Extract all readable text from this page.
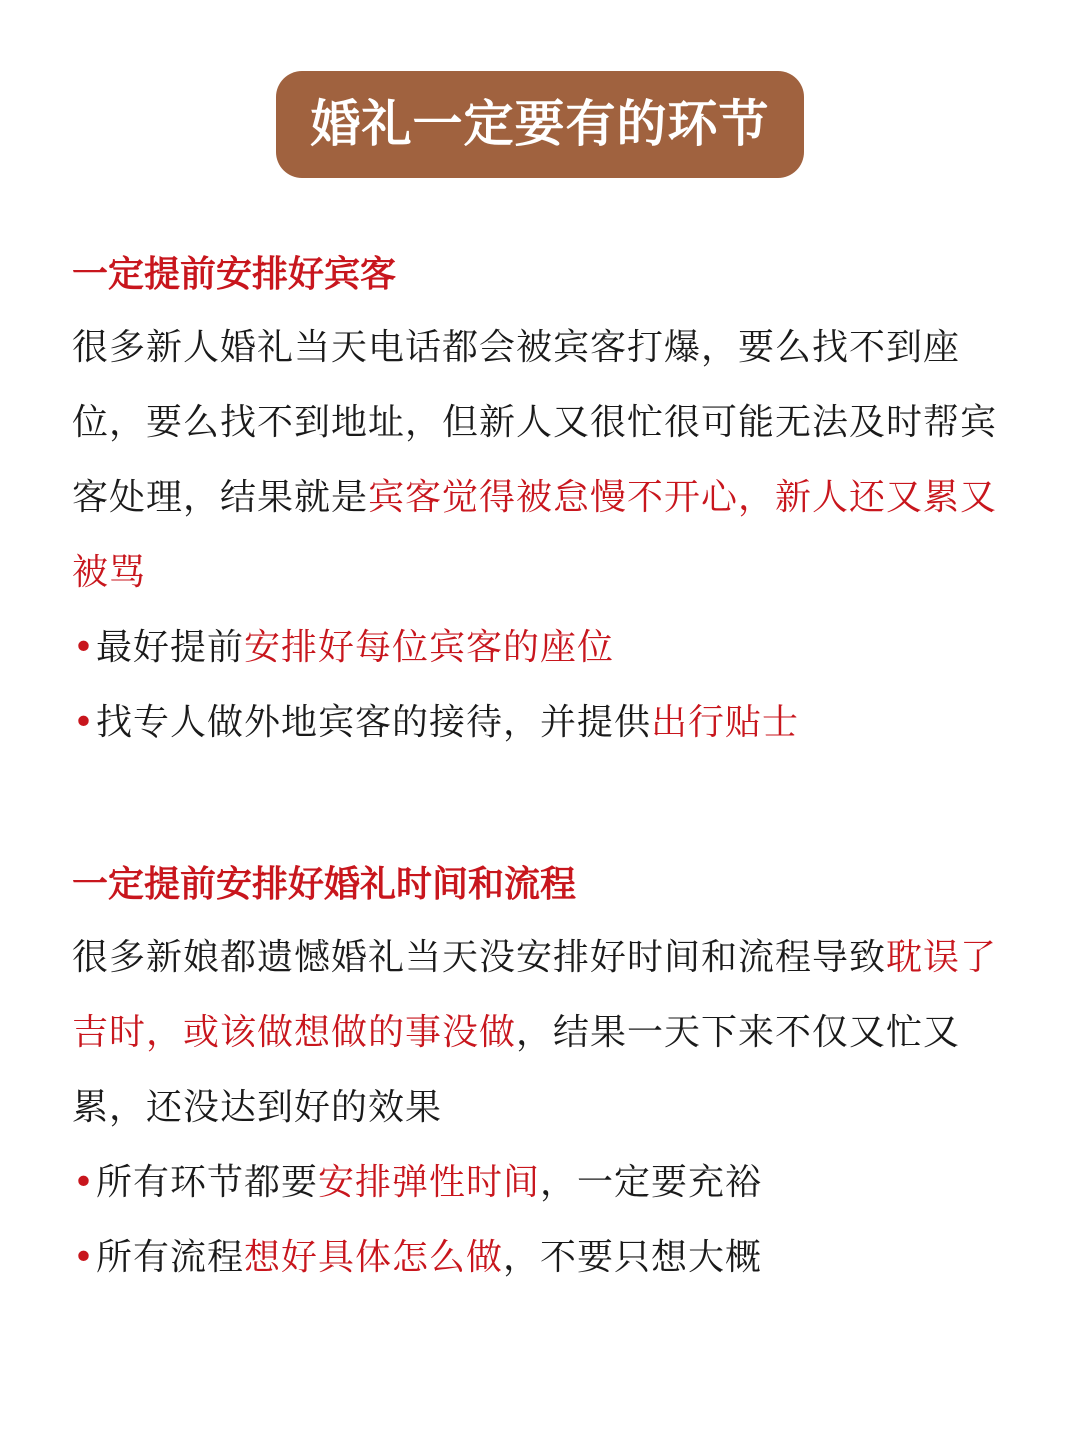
婚礼一定要有的环节
一定提前安排好宾客

很多新人婚礼当天电话都会被宾客打爆，要么找不到座位，要么找不到地址，但新人又很忙很可能无法及时帮宾客处理，结果就是宾客觉得被怠慢不开心，新人还又累又被骂

•最好提前安排好每位宾客的座位
•找专人做外地宾客的接待，并提供出行贴士
一定提前安排好婚礼时间和流程

很多新娘都遗憾婚礼当天没安排好时间和流程导致耽误了吉时，或该做想做的事没做，结果一天下来不仅又忙又累，还没达到好的效果

•所有环节都要安排弹性时间，一定要充裕
•所有流程想好具体怎么做，不要只想大概
